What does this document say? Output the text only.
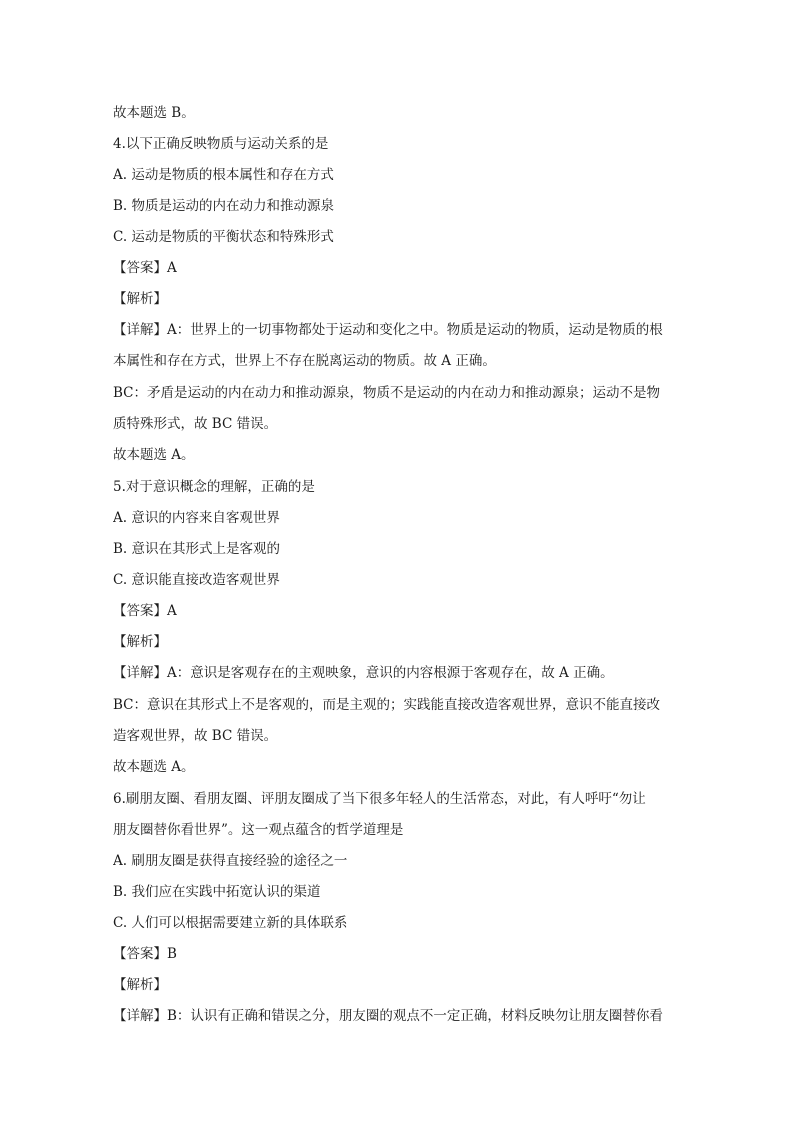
故本题选 B。
4.以下正确反映物质与运动关系的是
A. 运动是物质的根本属性和存在方式
B. 物质是运动的内在动力和推动源泉
C. 运动是物质的平衡状态和特殊形式
【答案】A
【解析】
【详解】A：世界上的一切事物都处于运动和变化之中。物质是运动的物质，运动是物质的根
本属性和存在方式，世界上不存在脱离运动的物质。故 A 正确。
BC：矛盾是运动的内在动力和推动源泉，物质不是运动的内在动力和推动源泉；运动不是物
质特殊形式，故 BC 错误。
故本题选 A。
5.对于意识概念的理解，正确的是
A. 意识的内容来自客观世界
B. 意识在其形式上是客观的
C. 意识能直接改造客观世界
【答案】A
【解析】
【详解】A：意识是客观存在的主观映象，意识的内容根源于客观存在，故 A 正确。
BC：意识在其形式上不是客观的，而是主观的；实践能直接改造客观世界，意识不能直接改
造客观世界，故 BC 错误。
故本题选 A。
6.刷朋友圈、看朋友圈、评朋友圈成了当下很多年轻人的生活常态，对此，有人呼吁“勿让
朋友圈替你看世界”。这一观点蕴含的哲学道理是
A. 刷朋友圈是获得直接经验的途径之一
B. 我们应在实践中拓宽认识的渠道
C. 人们可以根据需要建立新的具体联系
【答案】B
【解析】
【详解】B：认识有正确和错误之分，朋友圈的观点不一定正确，材料反映勿让朋友圈替你看
